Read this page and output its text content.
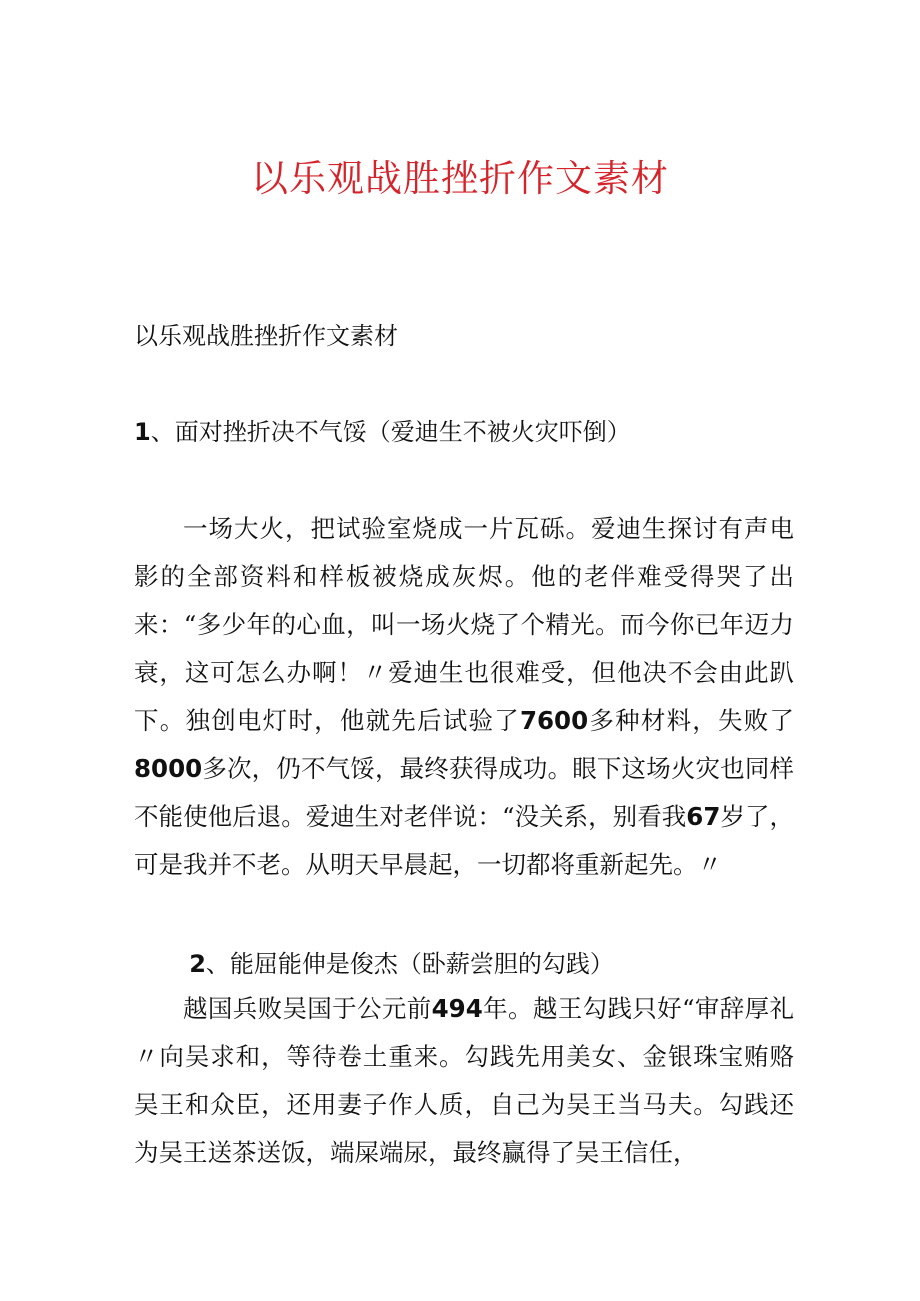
以乐观战胜挫折作文素材

以乐观战胜挫折作文素材

1、面对挫折决不气馁（爱迪生不被火灾吓倒）

一场大火，把试验室烧成一片瓦砾。爱迪生探讨有声电影的全部资料和样板被烧成灰烬。他的老伴难受得哭了出来：“多少年的心血，叫一场火烧了个精光。而今你已年迈力衰，这可怎么办啊！〃爱迪生也很难受，但他决不会由此趴下。独创电灯时，他就先后试验了7600多种材料，失败了8000多次，仍不气馁，最终获得成功。眼下这场火灾也同样不能使他后退。爱迪生对老伴说：“没关系，别看我67岁了，可是我并不老。从明天早晨起，一切都将重新起先。〃

2、能屈能伸是俊杰（卧薪尝胆的勾践）

越国兵败吴国于公元前494年。越王勾践只好“审辞厚礼〃向吴求和，等待卷土重来。勾践先用美女、金银珠宝贿赂吴王和众臣，还用妻子作人质，自己为吴王当马夫。勾践还为吴王送茶送饭，端屎端尿，最终赢得了吴王信任，
